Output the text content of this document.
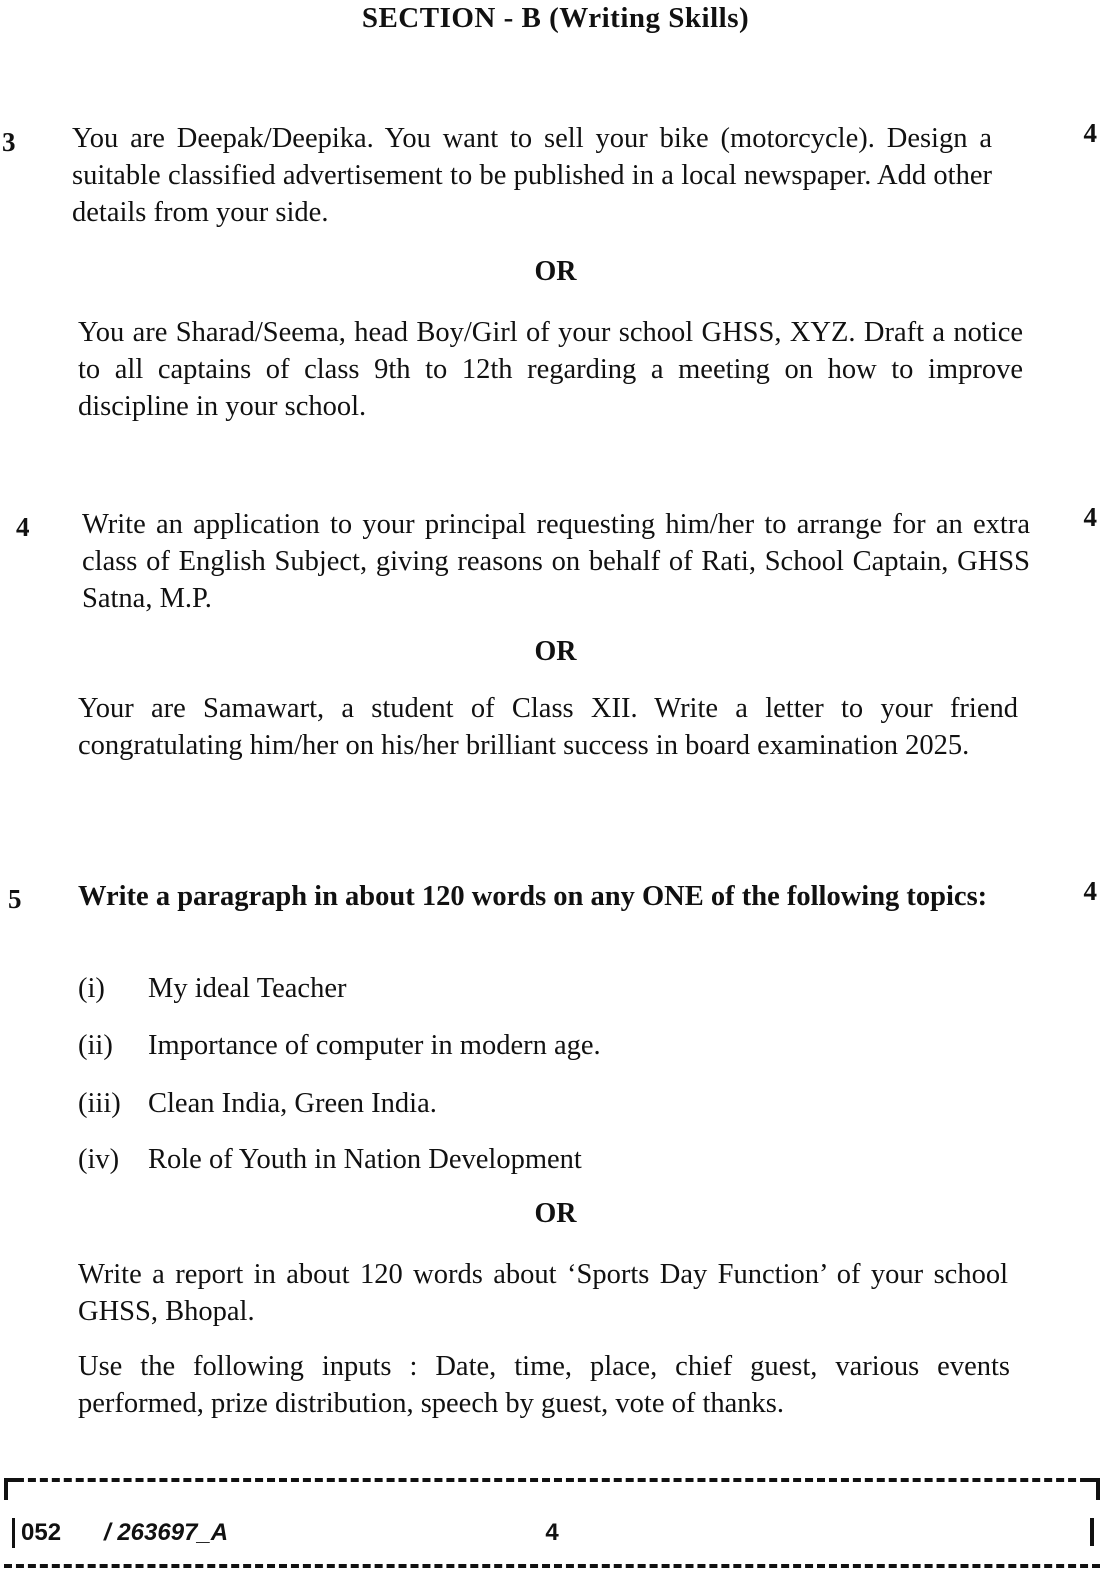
SECTION - B (Writing Skills)
3	4

You are Deepak/Deepika. You want to sell your bike (motorcycle). Design a suitable classified advertisement to be published in a local newspaper. Add other details from your side.

OR

You are Sharad/Seema, head Boy/Girl of your school GHSS, XYZ. Draft a notice to all captains of class 9th to 12th regarding a meeting on how to improve discipline in your school.

4	4

Write an application to your principal requesting him/her to arrange for an extra class of English Subject, giving reasons on behalf of Rati, School Captain, GHSS Satna, M.P.

OR

Your are Samawart, a student of Class XII. Write a letter to your friend congratulating him/her on his/her brilliant success in board examination 2025.

5	4

Write a paragraph in about 120 words on any ONE of the following topics:

(i) My ideal Teacher
(ii) Importance of computer in modern age.
(iii) Clean India, Green India.
(iv) Role of Youth in Nation Development
OR

Write a report in about 120 words about ‘Sports Day Function’ of your school GHSS, Bhopal.

Use the following inputs : Date, time, place, chief guest, various events performed, prize distribution, speech by guest, vote of thanks.

052 / 263697_A	4
